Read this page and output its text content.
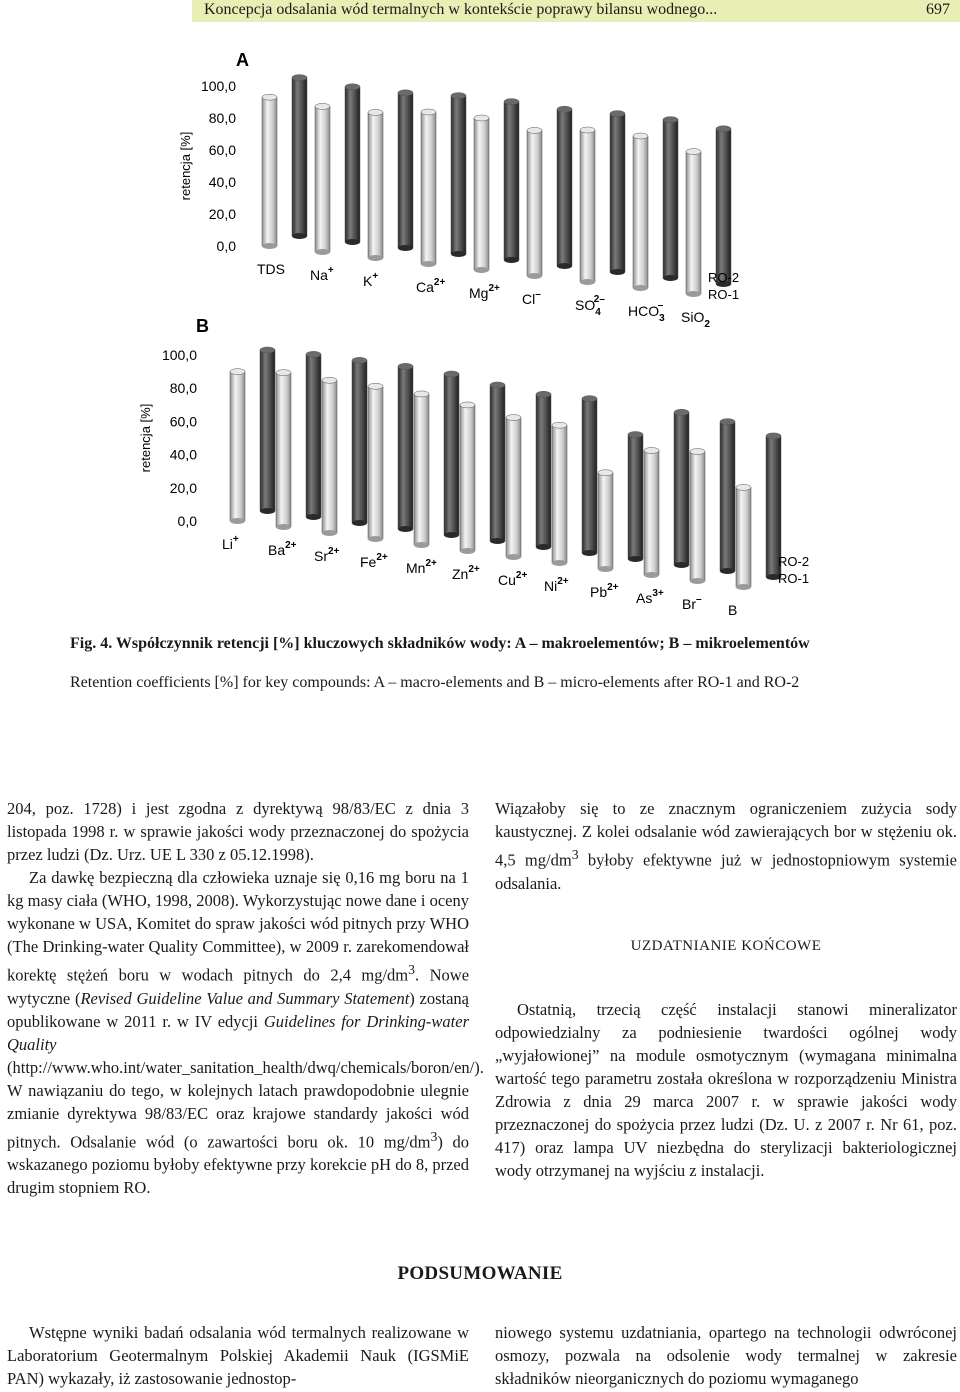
Koncepcja odsalania wód termalnych w kontekście poprawy bilansu wodnego...	697
A
retencja [%]
100,0
80,0
60,0
40,0
20,0
0,0
TDS Na+
K+
$Ca^{2+}$
$Mg^{2+}$
Cl–
$SO_42-$
$HCO_3-$
SiO$_2$
RO-2
RO-1
B
retencja [%]
100,0
80,0
60,0
40,0
20,0
0,0
Li+
$Ba^{2+}$
$Sr^{2+}$
$Fe^{2+}$
$Mn^{2+}$
$Zn^{2+}$
$Cu^{2+}$
$Ni^{2+}$
$Pb^{2+}$
$As^{3+}$
Br–
B
RO-2
RO-1
Fig. 4. Współczynnik retencji [%] kluczowych składników wody: A – makroelementów; B – mikroelementów
Retention coefficients [%] for key compounds: A – macro-elements and B – micro-elements after RO-1 and RO-2

204, poz. 1728) i jest zgodna z dyrektywą 98/83/EC z dnia 3 listopada 1998 r. w sprawie jakości wody przeznaczonej do spożycia przez ludzi (Dz. Urz. UE L 330 z 05.12.1998).

Za dawkę bezpieczną dla człowieka uznaje się 0,16 mg boru na 1 kg masy ciała (WHO, 1998, 2008). Wykorzystując nowe dane i oceny wykonane w USA, Komitet do spraw jakości wód pitnych przy WHO (The Drinking-water Quality Committee), w 2009 r. zarekomendował korektę stężeń boru w wodach pitnych do 2,4 $mg/dm^3$. Nowe wytyczne (Revised Guideline Value and Summary Statement) zostaną opublikowane w 2011 r. w IV edycji Guidelines for Drinking-water Quality (http://www.who.int/water_sanitation_health/dwq/chemicals/boron/en/). W nawiązaniu do tego, w kolejnych latach prawdopodobnie ulegnie zmianie dyrektywa 98/83/EC oraz krajowe standardy jakości wód pitnych. Odsalanie wód (o zawartości boru ok. 10 $mg/dm^3$) do wskazanego poziomu byłoby efektywne przy korekcie pH do 8, przed drugim stopniem RO.

Wiązałoby się to ze znacznym ograniczeniem zużycia sody kaustycznej. Z kolei odsalanie wód zawierających bor w stężeniu ok. 4,5 $mg/dm^3$ byłoby efektywne już w jednostopniowym systemie odsalania.

UZDATNIANIE KOŃCOWE

Ostatnią, trzecią część instalacji stanowi mineralizator odpowiedzialny za podniesienie twardości ogólnej wody „wyjałowionej” na module osmotycznym (wymagana minimalna wartość tego parametru została określona w rozporządzeniu Ministra Zdrowia z dnia 29 marca 2007 r. w sprawie jakości wody przeznaczonej do spożycia przez ludzi (Dz. U. z 2007 r. Nr 61, poz. 417) oraz lampa UV niezbędna do sterylizacji bakteriologicznej wody otrzymanej na wyjściu z instalacji.

PODSUMOWANIE

Wstępne wyniki badań odsalania wód termalnych realizowane w Laboratorium Geotermalnym Polskiej Akademii Nauk (IGSMiE PAN) wykazały, iż zastosowanie jednostop-

niowego systemu uzdatniania, opartego na technologii odwróconej osmozy, pozwala na odsolenie wody termalnej w zakresie składników nieorganicznych do poziomu wymaganego
